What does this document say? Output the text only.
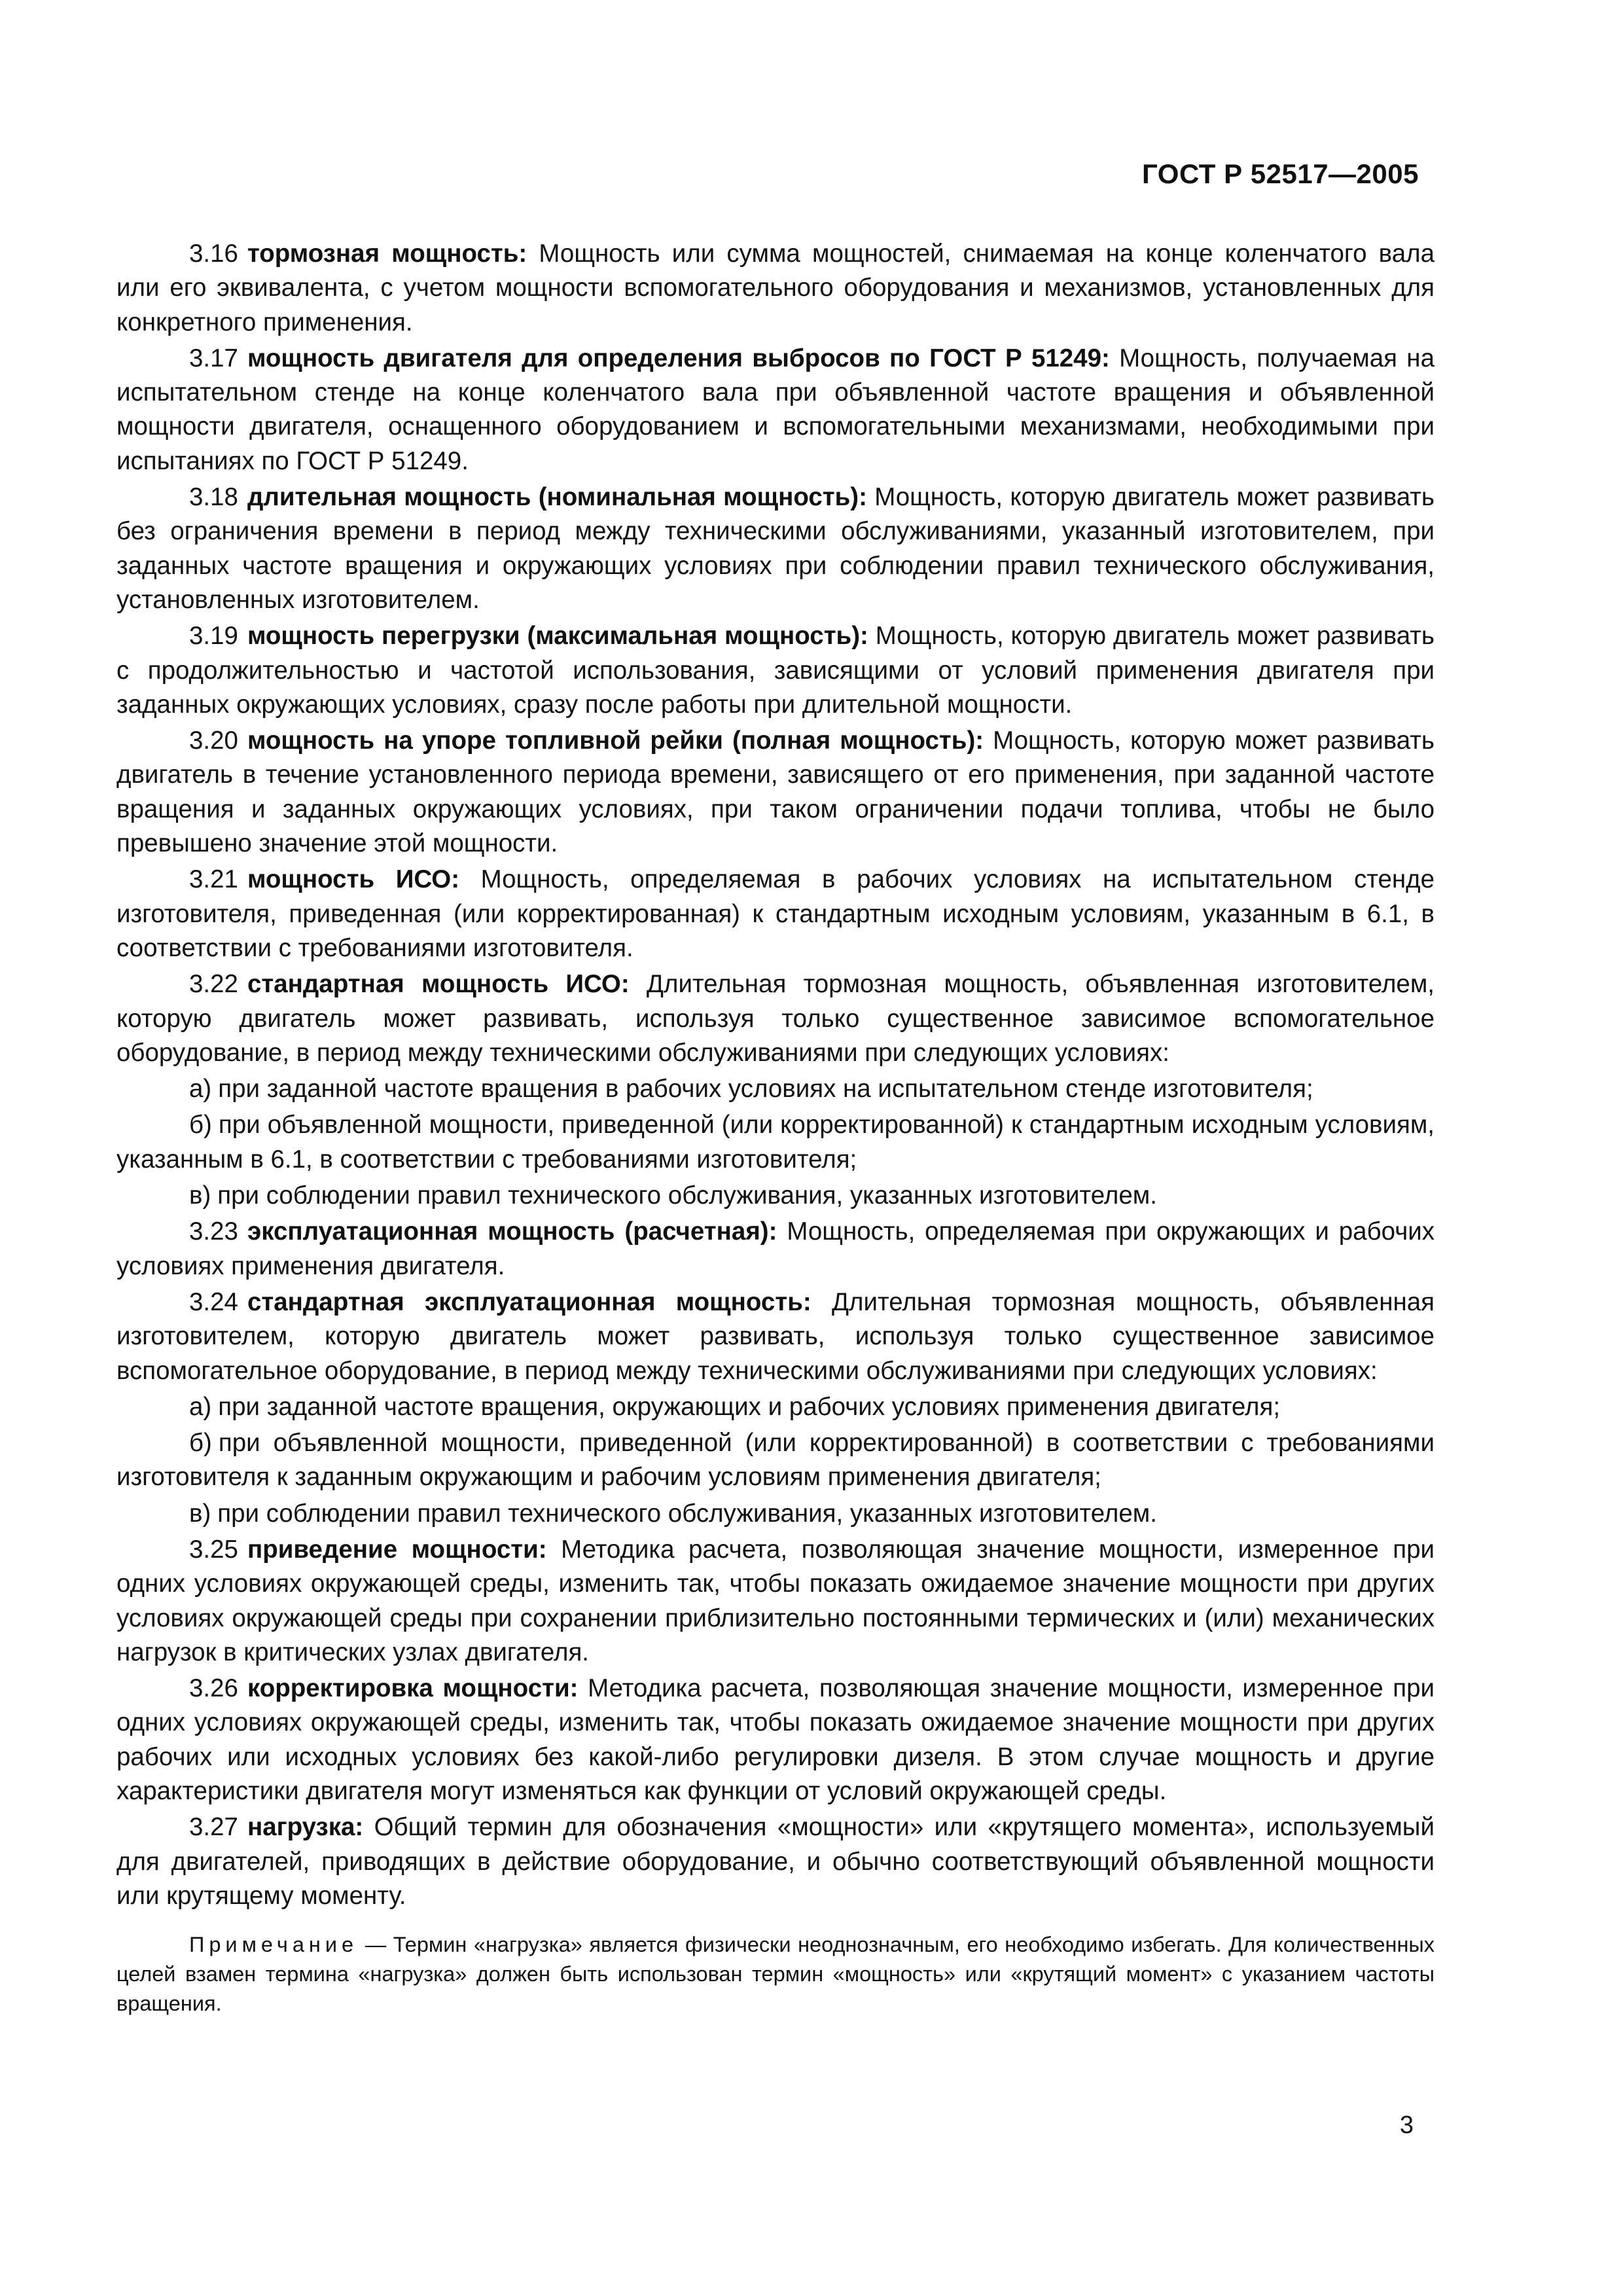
ГОСТ Р 52517—2005

3.16 тормозная мощность: Мощность или сумма мощностей, снимаемая на конце коленчатого вала или его эквивалента, с учетом мощности вспомогательного оборудования и механизмов, установленных для конкретного применения.

3.17 мощность двигателя для определения выбросов по ГОСТ Р 51249: Мощность, получаемая на испытательном стенде на конце коленчатого вала при объявленной частоте вращения и объявленной мощности двигателя, оснащенного оборудованием и вспомогательными механизмами, необходимыми при испытаниях по ГОСТ Р 51249.

3.18 длительная мощность (номинальная мощность): Мощность, которую двигатель может развивать без ограничения времени в период между техническими обслуживаниями, указанный изготовителем, при заданных частоте вращения и окружающих условиях при соблюдении правил технического обслуживания, установленных изготовителем.

3.19 мощность перегрузки (максимальная мощность): Мощность, которую двигатель может развивать с продолжительностью и частотой использования, зависящими от условий применения двигателя при заданных окружающих условиях, сразу после работы при длительной мощности.

3.20 мощность на упоре топливной рейки (полная мощность): Мощность, которую может развивать двигатель в течение установленного периода времени, зависящего от его применения, при заданной частоте вращения и заданных окружающих условиях, при таком ограничении подачи топлива, чтобы не было превышено значение этой мощности.

3.21 мощность ИСО: Мощность, определяемая в рабочих условиях на испытательном стенде изготовителя, приведенная (или корректированная) к стандартным исходным условиям, указанным в 6.1, в соответствии с требованиями изготовителя.

3.22 стандартная мощность ИСО: Длительная тормозная мощность, объявленная изготовителем, которую двигатель может развивать, используя только существенное зависимое вспомогательное оборудование, в период между техническими обслуживаниями при следующих условиях:

а) при заданной частоте вращения в рабочих условиях на испытательном стенде изготовителя;

б) при объявленной мощности, приведенной (или корректированной) к стандартным исходным условиям, указанным в 6.1, в соответствии с требованиями изготовителя;

в) при соблюдении правил технического обслуживания, указанных изготовителем.

3.23 эксплуатационная мощность (расчетная): Мощность, определяемая при окружающих и рабочих условиях применения двигателя.

3.24 стандартная эксплуатационная мощность: Длительная тормозная мощность, объявленная изготовителем, которую двигатель может развивать, используя только существенное зависимое вспомогательное оборудование, в период между техническими обслуживаниями при следующих условиях:

а) при заданной частоте вращения, окружающих и рабочих условиях применения двигателя;

б) при объявленной мощности, приведенной (или корректированной) в соответствии с требованиями изготовителя к заданным окружающим и рабочим условиям применения двигателя;

в) при соблюдении правил технического обслуживания, указанных изготовителем.

3.25 приведение мощности: Методика расчета, позволяющая значение мощности, измеренное при одних условиях окружающей среды, изменить так, чтобы показать ожидаемое значение мощности при других условиях окружающей среды при сохранении приблизительно постоянными термических и (или) механических нагрузок в критических узлах двигателя.

3.26 корректировка мощности: Методика расчета, позволяющая значение мощности, измеренное при одних условиях окружающей среды, изменить так, чтобы показать ожидаемое значение мощности при других рабочих или исходных условиях без какой-либо регулировки дизеля. В этом случае мощность и другие характеристики двигателя могут изменяться как функции от условий окружающей среды.

3.27 нагрузка: Общий термин для обозначения «мощности» или «крутящего момента», используемый для двигателей, приводящих в действие оборудование, и обычно соответствующий объявленной мощности или крутящему моменту.

Примечание — Термин «нагрузка» является физически неоднозначным, его необходимо избегать. Для количественных целей взамен термина «нагрузка» должен быть использован термин «мощность» или «крутящий момент» с указанием частоты вращения.

3
